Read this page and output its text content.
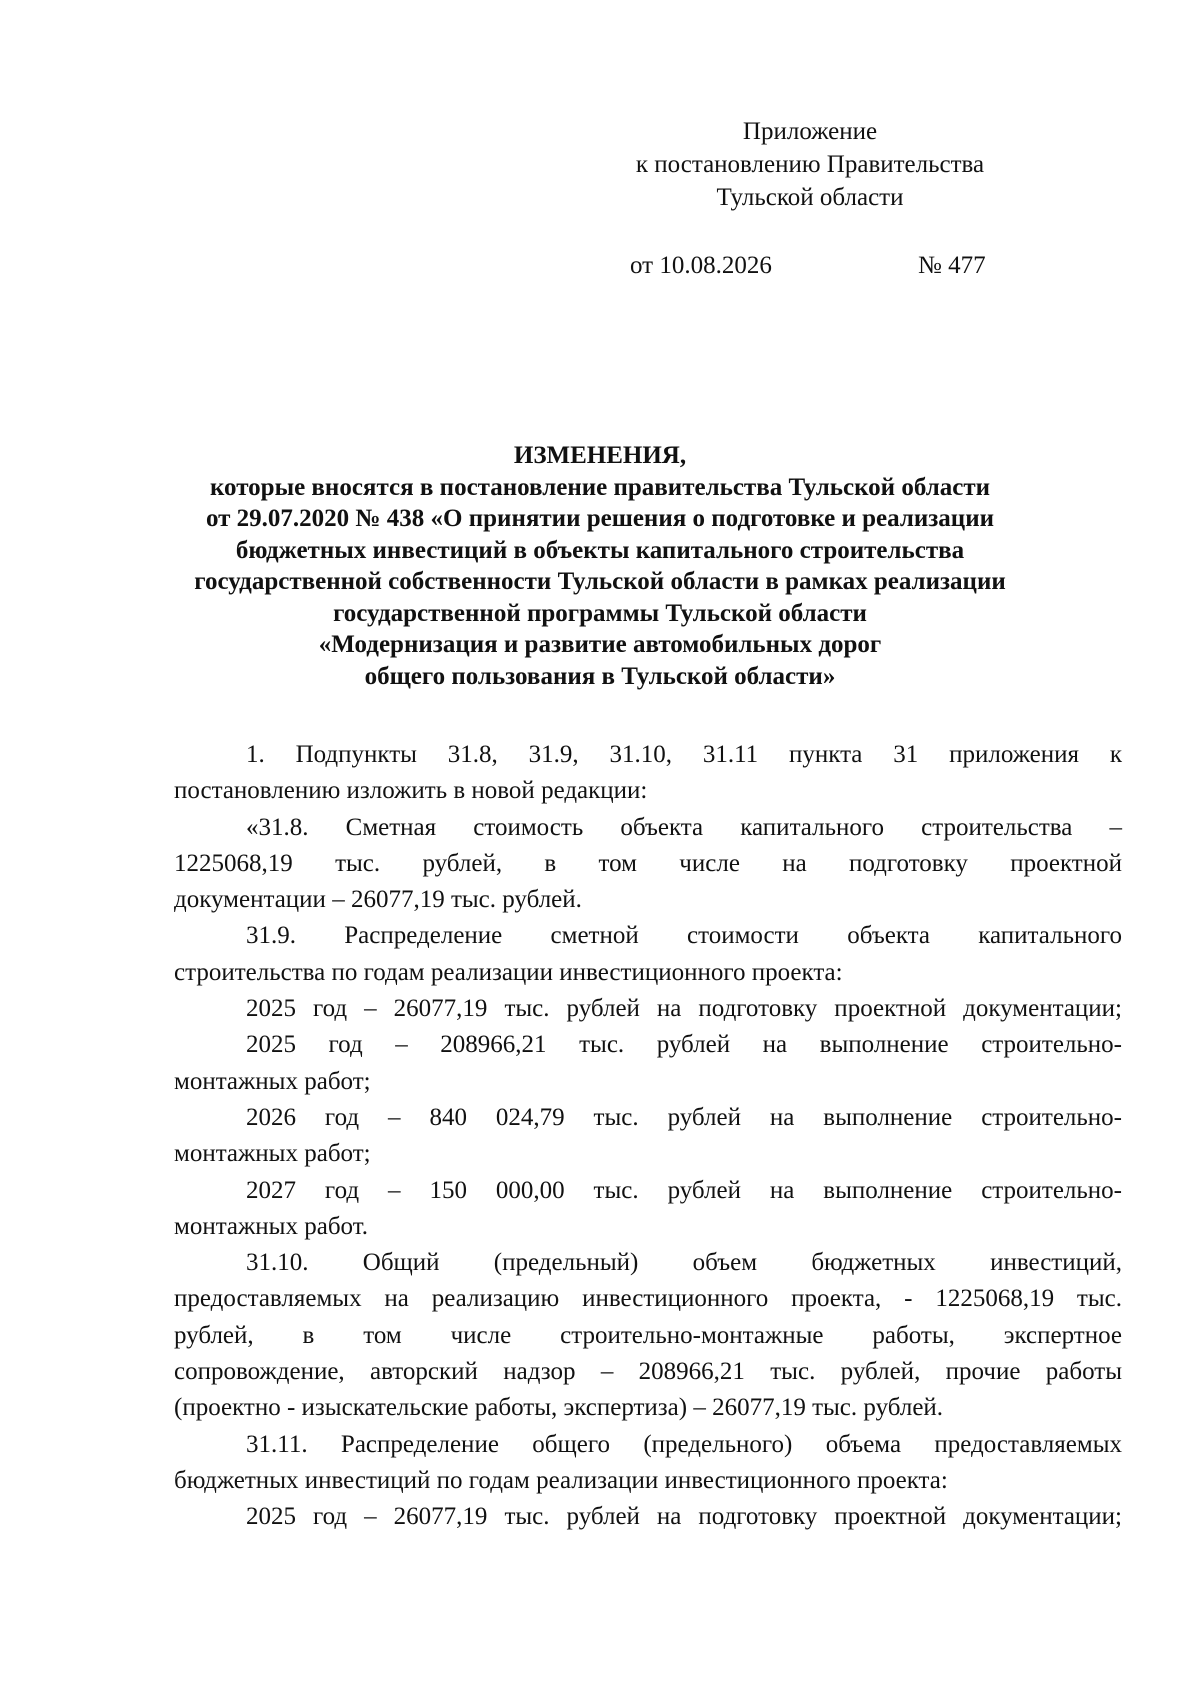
Приложение
к постановлению Правительства
Тульской области
от 10.08.2026	№ 477
ИЗМЕНЕНИЯ,
которые вносятся в постановление правительства Тульской области
от 29.07.2020 № 438 «О принятии решения о подготовке и реализации
бюджетных инвестиций в объекты капитального строительства
государственной собственности Тульской области в рамках реализации
государственной программы Тульской области
«Модернизация и развитие автомобильных дорог
общего пользования в Тульской области»
1. Подпункты 31.8, 31.9, 31.10, 31.11 пункта 31 приложения к
постановлению изложить в новой редакции:
«31.8. Сметная стоимость объекта капитального строительства –
1225068,19 тыс. рублей, в том числе на подготовку проектной
документации – 26077,19 тыс. рублей.
31.9. Распределение сметной стоимости объекта капитального
строительства по годам реализации инвестиционного проекта:
2025 год – 26077,19 тыс. рублей на подготовку проектной документации;
2025 год – 208966,21 тыс. рублей на выполнение строительно-
монтажных работ;
2026 год – 840 024,79 тыс. рублей на выполнение строительно-
монтажных работ;
2027 год – 150 000,00 тыс. рублей на выполнение строительно-
монтажных работ.
31.10. Общий (предельный) объем бюджетных инвестиций,
предоставляемых на реализацию инвестиционного проекта, - 1225068,19 тыс.
рублей, в том числе строительно-монтажные работы, экспертное
сопровождение, авторский надзор – 208966,21 тыс. рублей, прочие работы
(проектно - изыскательские работы, экспертиза) – 26077,19 тыс. рублей.
31.11. Распределение общего (предельного) объема предоставляемых
бюджетных инвестиций по годам реализации инвестиционного проекта:
2025 год – 26077,19 тыс. рублей на подготовку проектной документации;
